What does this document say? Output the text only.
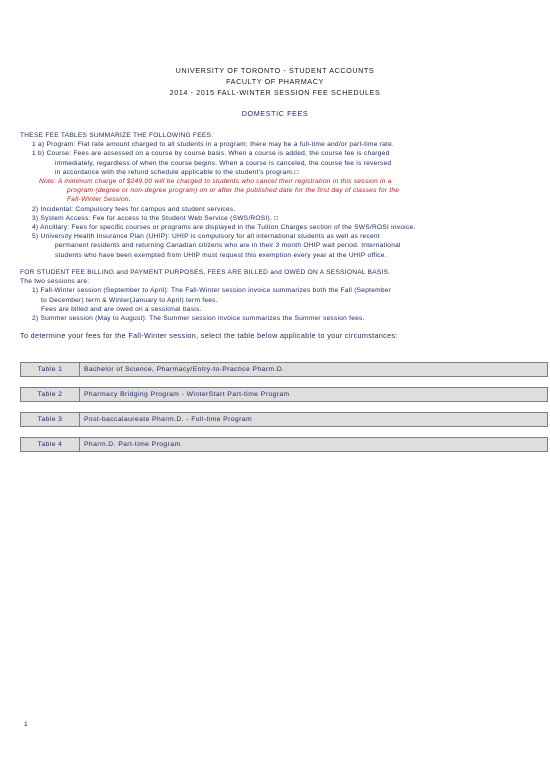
UNIVERSITY OF TORONTO - STUDENT ACCOUNTS
FACULTY OF PHARMACY
2014 - 2015 FALL-WINTER SESSION FEE SCHEDULES
DOMESTIC FEES
THESE FEE TABLES SUMMARIZE THE FOLLOWING FEES:
1 a) Program: Flat rate amount charged to all students in a program; there may be a full-time and/or part-time rate.
1 b) Course: Fees are assessed on a course by course basis. When a course is added, the course fee is charged
immediately, regardless of when the course begins. When a course is canceled, the course fee is reversed
in accordance with the refund schedule applicable to the student's program.□
Note: A minimum charge of $249.00 will be charged to students who cancel their registration in this session in a
program (degree or non-degree program) on or after the published date for the first day of classes for the
Fall-Winter Session.
2) Incidental: Compulsory fees for campus and student services.
3) System Access: Fee for access to the Student Web Service (SWS/ROSI). □
4) Ancillary: Fees for specific courses or programs are displayed in the Tuition Charges section of the SWS/ROSI invoice.
5) University Health Insurance Plan (UHIP): UHIP is compulsory for all international students as well as recent
permanent residents and returning Canadian citizens who are in their 3 month OHIP wait period. International
students who have been exempted from UHIP must request this exemption every year at the UHIP office.
FOR STUDENT FEE BILLING and PAYMENT PURPOSES, FEES ARE BILLED and OWED ON A SESSIONAL BASIS.
The two sessions are:
1) Fall-Winter session (September to April): The Fall-Winter session invoice summarizes both the Fall (September
to December) term & Winter(January to April) term fees.
Fees are billed and are owed on a sessional basis.
2) Summer session (May to August): The Summer session invoice summarizes the Summer session fees.
To determine your fees for the Fall-Winter session, select the table below applicable to your circumstances:
Table 1	Bachelor of Science, Pharmacy/Entry-to-Practice Pharm.D.
Table 2	Pharmacy Bridging Program - WinterStart Part-time Program
Table 3	Post-baccalaureate Pharm.D. - Full-time Program
Table 4	Pharm.D. Part-time Program
1
